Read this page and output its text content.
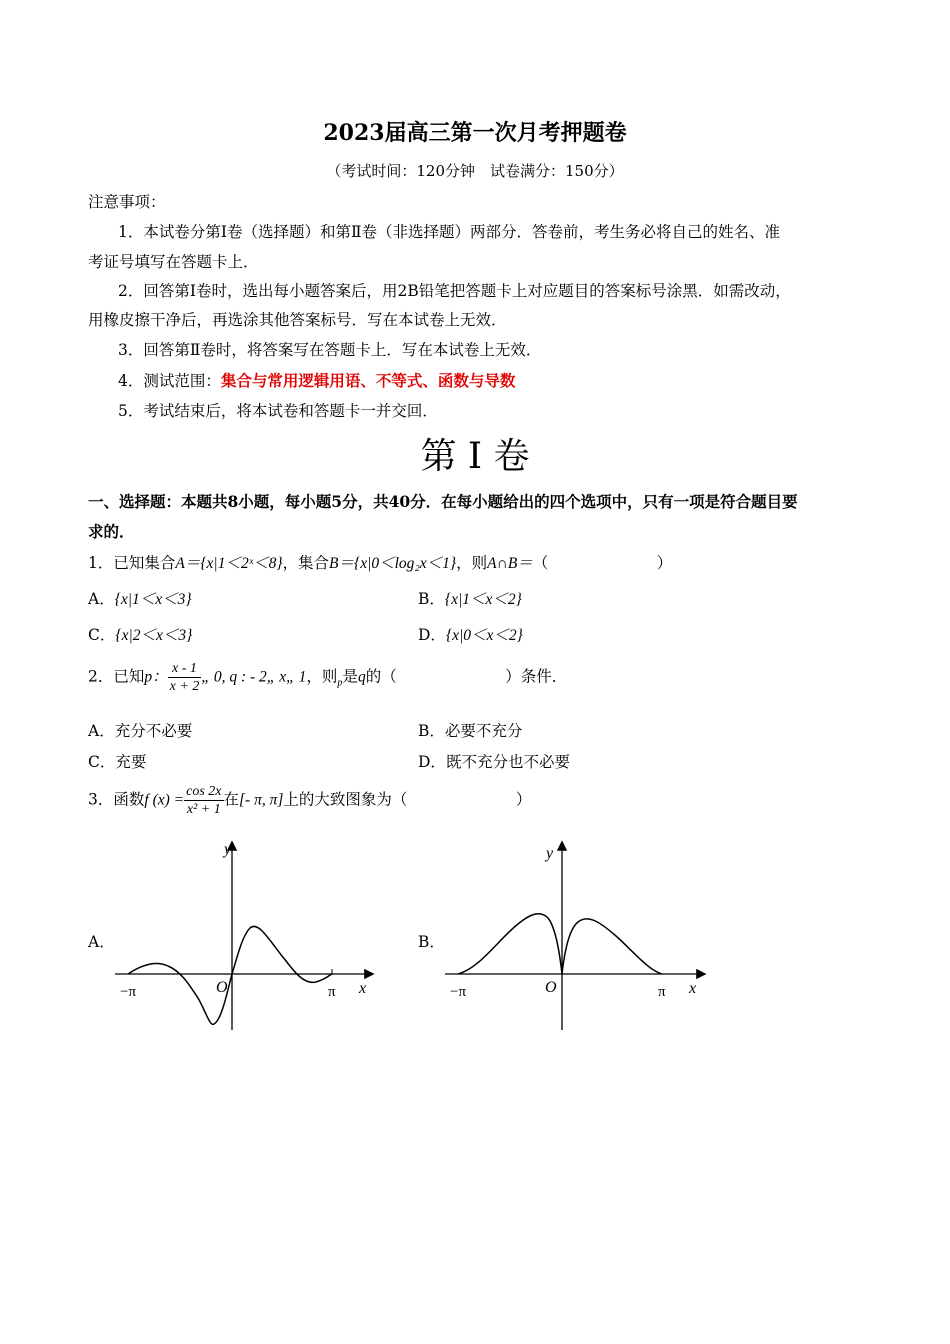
2023届高三第一次月考押题卷
（考试时间：120分钟　试卷满分：150分）
注意事项：
1．本试卷分第Ⅰ卷（选择题）和第Ⅱ卷（非选择题）两部分．答卷前，考生务必将自己的姓名、准
考证号填写在答题卡上．
2．回答第Ⅰ卷时，选出每小题答案后，用2B铅笔把答题卡上对应题目的答案标号涂黑．如需改动，
用橡皮擦干净后，再选涂其他答案标号．写在本试卷上无效．
3．回答第Ⅱ卷时，将答案写在答题卡上．写在本试卷上无效．
4．测试范围：集合与常用逻辑用语、不等式、函数与导数
5．考试结束后，将本试卷和答题卡一并交回．
第 I 卷
一、选择题：本题共8小题，每小题5分，共40分．在每小题给出的四个选项中，只有一项是符合题目要
求的．
1．已知集合A＝{x|1＜2ˣ＜8}，集合B＝{x|0＜log₂x＜1}，则A∩B＝（　　　　　　　）
A．{x|1＜x＜3}	B．{x|1＜x＜2}
C．{x|2＜x＜3}	D．{x|0＜x＜2}
2．已知p： $\frac{x - 1}{x + 2}$ „ 0, q : - 2„ x„ 1，则$_p$是q的（　　　　　　　）条件．
A．充分不必要	B．必要不充分
C．充要	D．既不充分也不必要
3．函数f $(x) = \frac{\cos 2x}{\text{x² + 1}}$ 在[- π, π]上的大致图象为（　　　　　　　）
A．
y
x
O
−π	π
B．
y
x
O
−π	π
